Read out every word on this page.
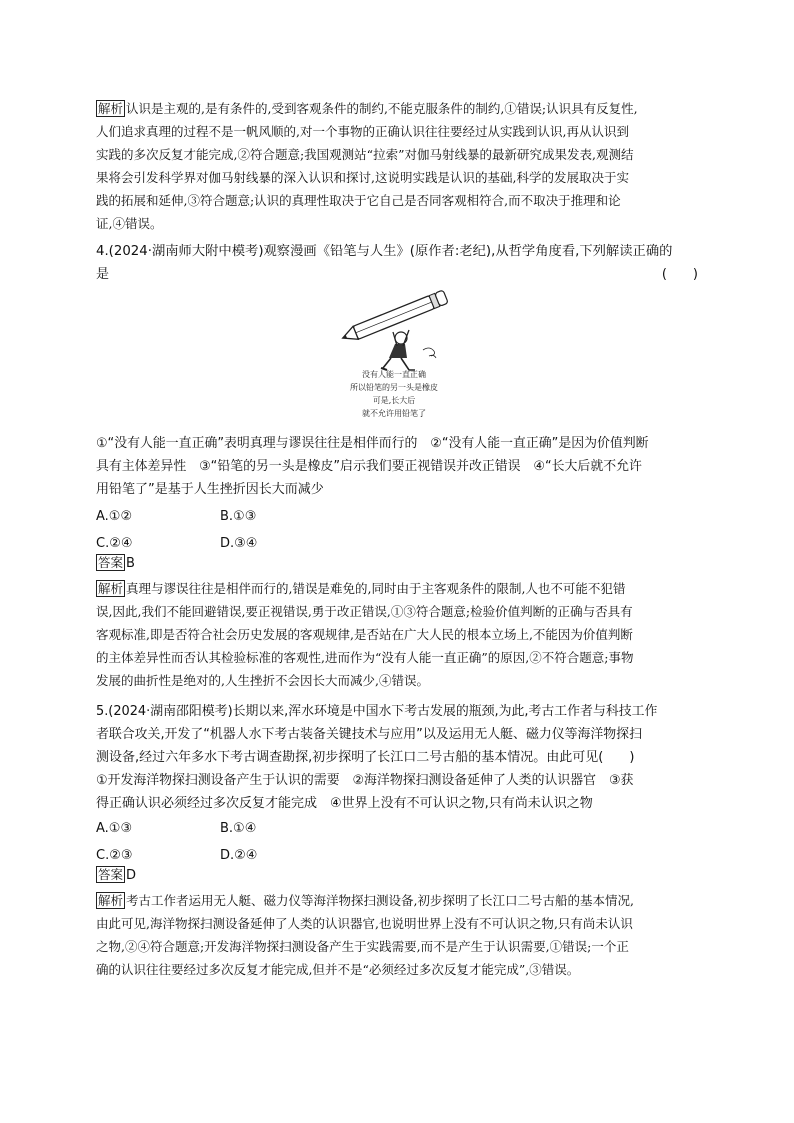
解析 认识是主观的,是有条件的,受到客观条件的制约,不能克服条件的制约,①错误;认识具有反复性,
人们追求真理的过程不是一帆风顺的,对一个事物的正确认识往往要经过从实践到认识,再从认识到
实践的多次反复才能完成,②符合题意;我国观测站“拉索”对伽马射线暴的最新研究成果发表,观测结
果将会引发科学界对伽马射线暴的深入认识和探讨,这说明实践是认识的基础,科学的发展取决于实
践的拓展和延伸,③符合题意;认识的真理性取决于它自己是否同客观相符合,而不取决于推理和论
证,④错误。
4.(2024·湖南师大附中模考)观察漫画《铅笔与人生》(原作者:老纪),从哲学角度看,下列解读正确的
是	(　　)
没有人能一直正确
所以铅笔的另一头是橡皮
可是,长大后
就不允许用铅笔了
①“没有人能一直正确”表明真理与谬误往往是相伴而行的　②“没有人能一直正确”是因为价值判断
具有主体差异性　③“铅笔的另一头是橡皮”启示我们要正视错误并改正错误　④“长大后就不允许
用铅笔了”是基于人生挫折因长大而减少
A.①②	B.①③
C.②④	D.③④
答案 B
解析 真理与谬误往往是相伴而行的,错误是难免的,同时由于主客观条件的限制,人也不可能不犯错
误,因此,我们不能回避错误,要正视错误,勇于改正错误,①③符合题意;检验价值判断的正确与否具有
客观标准,即是否符合社会历史发展的客观规律,是否站在广大人民的根本立场上,不能因为价值判断
的主体差异性而否认其检验标准的客观性,进而作为“没有人能一直正确”的原因,②不符合题意;事物
发展的曲折性是绝对的,人生挫折不会因长大而减少,④错误。
5.(2024·湖南邵阳模考)长期以来,浑水环境是中国水下考古发展的瓶颈,为此,考古工作者与科技工作
者联合攻关,开发了“机器人水下考古装备关键技术与应用”以及运用无人艇、磁力仪等海洋物探扫
测设备,经过六年多水下考古调查勘探,初步探明了长江口二号古船的基本情况。由此可见(　　)
①开发海洋物探扫测设备产生于认识的需要　②海洋物探扫测设备延伸了人类的认识器官　③获
得正确认识必须经过多次反复才能完成　④世界上没有不可认识之物,只有尚未认识之物
A.①③	B.①④
C.②③	D.②④
答案 D
解析 考古工作者运用无人艇、磁力仪等海洋物探扫测设备,初步探明了长江口二号古船的基本情况,
由此可见,海洋物探扫测设备延伸了人类的认识器官,也说明世界上没有不可认识之物,只有尚未认识
之物,②④符合题意;开发海洋物探扫测设备产生于实践需要,而不是产生于认识需要,①错误;一个正
确的认识往往要经过多次反复才能完成,但并不是“必须经过多次反复才能完成”,③错误。
